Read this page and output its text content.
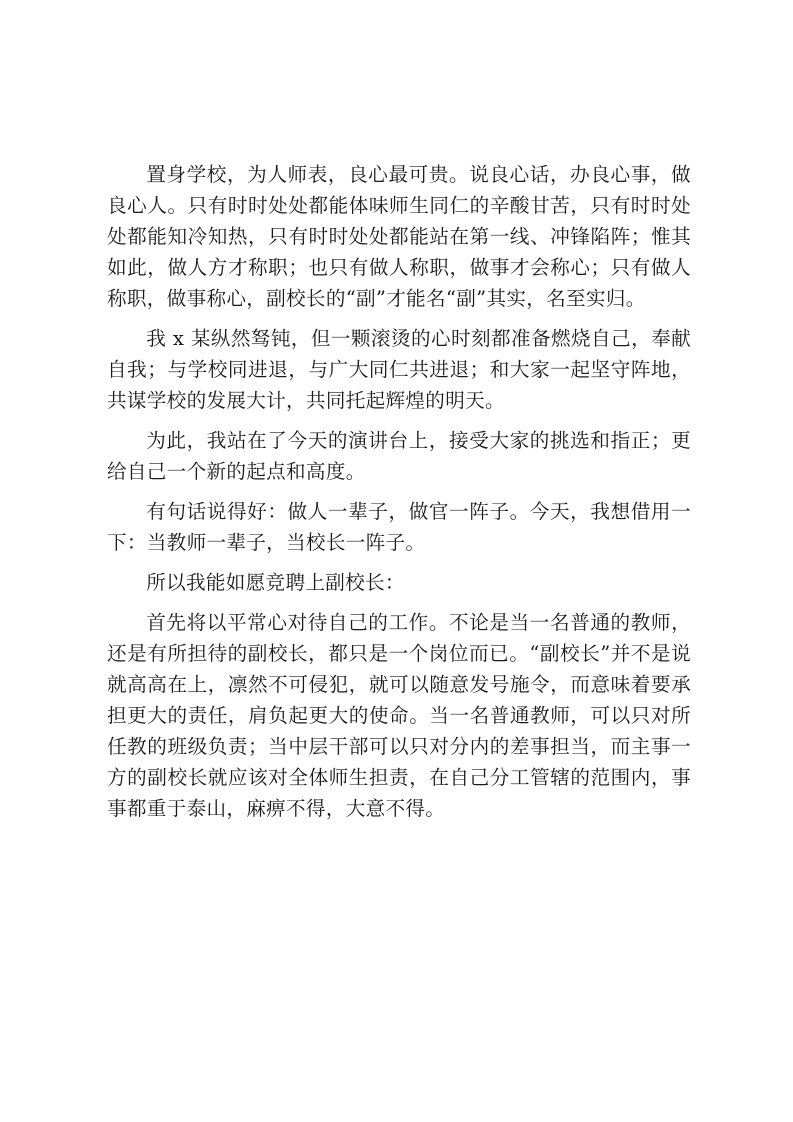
置身学校，为人师表，良心最可贵。说良心话，办良心事，做良心人。只有时时处处都能体味师生同仁的辛酸甘苦，只有时时处处都能知冷知热，只有时时处处都能站在第一线、冲锋陷阵；惟其如此，做人方才称职；也只有做人称职，做事才会称心；只有做人称职，做事称心，副校长的“副”才能名“副”其实，名至实归。

我 x 某纵然驽钝，但一颗滚烫的心时刻都准备燃烧自己，奉献自我；与学校同进退，与广大同仁共进退；和大家一起坚守阵地，共谋学校的发展大计，共同托起辉煌的明天。

为此，我站在了今天的演讲台上，接受大家的挑选和指正；更给自己一个新的起点和高度。

有句话说得好：做人一辈子，做官一阵子。今天，我想借用一下：当教师一辈子，当校长一阵子。

所以我能如愿竞聘上副校长：

首先将以平常心对待自己的工作。不论是当一名普通的教师，还是有所担待的副校长，都只是一个岗位而已。“副校长”并不是说就高高在上，凛然不可侵犯，就可以随意发号施令，而意味着要承担更大的责任，肩负起更大的使命。当一名普通教师，可以只对所任教的班级负责；当中层干部可以只对分内的差事担当，而主事一方的副校长就应该对全体师生担责，在自己分工管辖的范围内，事事都重于泰山，麻痹不得，大意不得。
